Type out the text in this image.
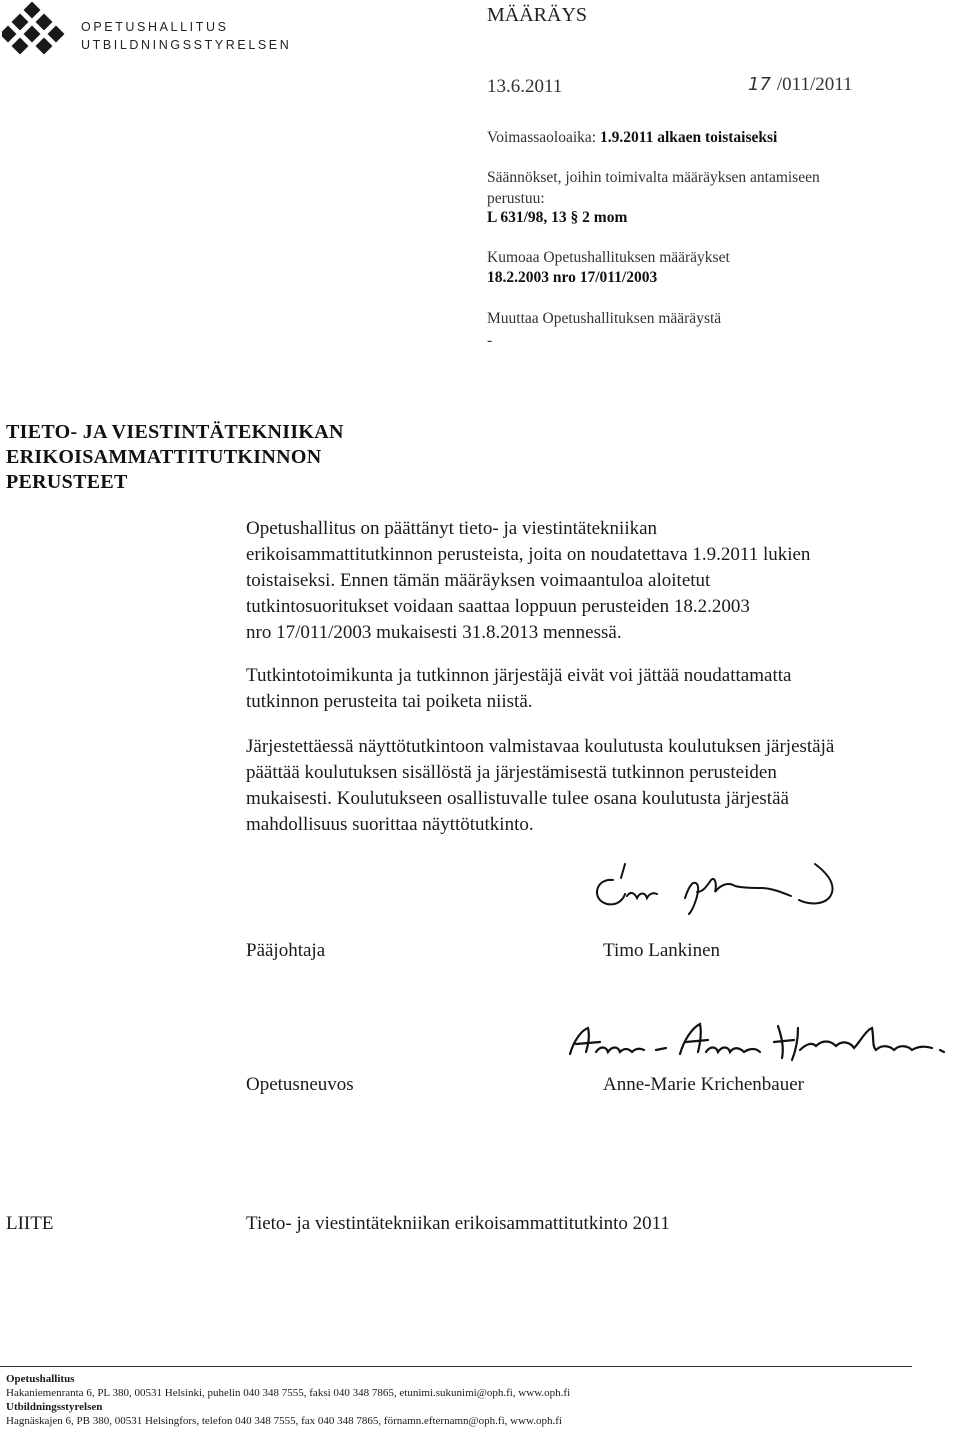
OPETUSHALLITUS
UTBILDNINGSSTYRELSEN
MÄÄRÄYS
13.6.2011	17 /011/2011
Voimassaoloaika: 1.9.2011 alkaen toistaiseksi
Säännökset, joihin toimivalta määräyksen antamiseen
perustuu:
L 631/98, 13 § 2 mom
Kumoaa Opetushallituksen määräykset
18.2.2003 nro 17/011/2003
Muuttaa Opetushallituksen määräystä
-
TIETO- JA VIESTINTÄTEKNIIKAN
ERIKOISAMMATTITUTKINNON
PERUSTEET
Opetushallitus on päättänyt tieto- ja viestintätekniikan
erikoisammattitutkinnon perusteista, joita on noudatettava 1.9.2011 lukien
toistaiseksi. Ennen tämän määräyksen voimaantuloa aloitetut
tutkintosuoritukset voidaan saattaa loppuun perusteiden 18.2.2003
nro 17/011/2003 mukaisesti 31.8.2013 mennessä.
Tutkintotoimikunta ja tutkinnon järjestäjä eivät voi jättää noudattamatta
tutkinnon perusteita tai poiketa niistä.
Järjestettäessä näyttötutkintoon valmistavaa koulutusta koulutuksen järjestäjä
päättää koulutuksen sisällöstä ja järjestämisestä tutkinnon perusteiden
mukaisesti. Koulutukseen osallistuvalle tulee osana koulutusta järjestää
mahdollisuus suorittaa näyttötutkinto.
Pääjohtaja	Timo Lankinen
Opetusneuvos	Anne-Marie Krichenbauer
LIITE	Tieto- ja viestintätekniikan erikoisammattitutkinto 2011
Opetushallitus
Hakaniemenranta 6, PL 380, 00531 Helsinki, puhelin 040 348 7555, faksi 040 348 7865, etunimi.sukunimi@oph.fi, www.oph.fi
Utbildningsstyrelsen
Hagnäskajen 6, PB 380, 00531 Helsingfors, telefon 040 348 7555, fax 040 348 7865, förnamn.efternamn@oph.fi, www.oph.fi
